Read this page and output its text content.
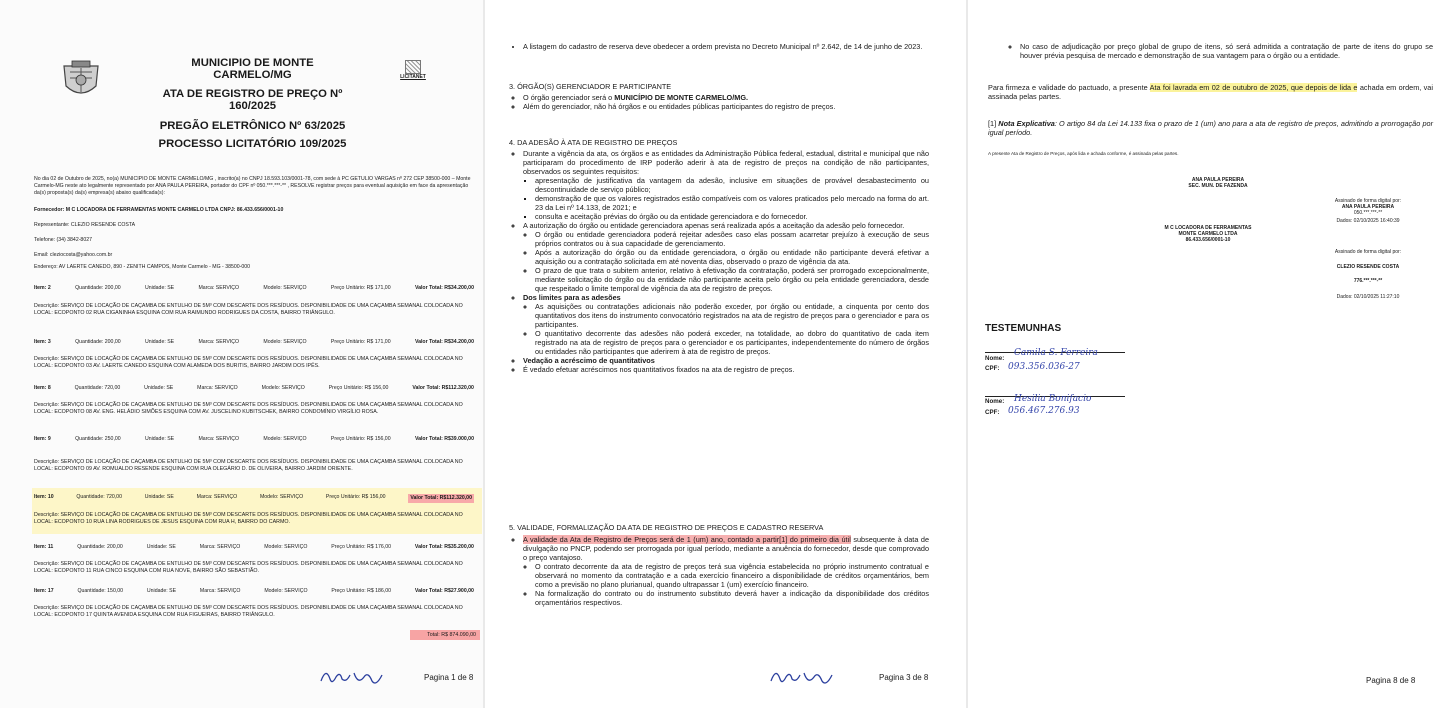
LICITANET
MUNICIPIO DE MONTE
CARMELO/MG
ATA DE REGISTRO DE PREÇO Nº
160/2025
PREGÃO ELETRÔNICO Nº 63/2025
PROCESSO LICITATÓRIO 109/2025
No dia 02 de Outubro de 2025, no(a) MUNICIPIO DE MONTE CARMELO/MG , inscrito(a) no CNPJ 18.593.103/0001-78, com sede à PC GETULIO VARGAS nº 272 CEP 38500-000 – Monte Carmelo-MG neste ato legalmente representado por ANA PAULA PEREIRA, portador do CPF nº 050.***.***-** , RESOLVE registrar preços para eventual aquisição em face da apresentação da(s) proposta(s) da(s) empresa(s) abaixo qualificada(s):
Fornecedor: M C LOCADORA DE FERRAMENTAS MONTE CARMELO LTDA CNPJ: 86.433.656/0001-10
Representante: CLEZIO RESENDE COSTA
Telefone: (34) 3842-8027
Email: cleziocosta@yahoo.com.br
Endereço: AV LAERTE CANEDO, 890 - ZENITH CAMPOS, Monte Carmelo - MG - 38500-000
Total: R$ 874.090,00
Pagina 1 de 8
Item: 2	Quantidade: 200,00	Unidade: SE	Marca: SERVIÇO	Modelo: SERVIÇO	Preço Unitário: R$ 171,00	Valor Total: R$34.200,00
Descrição: SERVIÇO DE LOCAÇÃO DE CAÇAMBA DE ENTULHO DE 5M³ COM DESCARTE DOS RESÍDUOS. DISPONIBILIDADE DE UMA CAÇAMBA SEMANAL COLOCADA NO LOCAL: ECOPONTO 02 RUA CIGANINHA ESQUINA COM RUA RAIMUNDO RODRIGUES DA COSTA, BAIRRO TRIÂNGULO.
Item: 3	Quantidade: 200,00	Unidade: SE	Marca: SERVIÇO	Modelo: SERVIÇO	Preço Unitário: R$ 171,00	Valor Total: R$34.200,00
Descrição: SERVIÇO DE LOCAÇÃO DE CAÇAMBA DE ENTULHO DE 5M³ COM DESCARTE DOS RESÍDUOS. DISPONIBILIDADE DE UMA CAÇAMBA SEMANAL COLOCADA NO LOCAL: ECOPONTO 03 AV. LAERTE CANEDO ESQUINA COM ALAMEDA DOS BURITIS, BAIRRO JARDIM DOS IPÊS.
Item: 8	Quantidade: 720,00	Unidade: SE	Marca: SERVIÇO	Modelo: SERVIÇO	Preço Unitário: R$ 156,00	Valor Total: R$112.320,00
Descrição: SERVIÇO DE LOCAÇÃO DE CAÇAMBA DE ENTULHO DE 5M³ COM DESCARTE DOS RESÍDUOS. DISPONIBILIDADE DE UMA CAÇAMBA SEMANAL COLOCADA NO LOCAL: ECOPONTO 08 AV. ENG. HELÁDIO SIMÕES ESQUINA COM AV. JUSCELINO KUBITSCHEK, BAIRRO CONDOMÍNIO VIRGÍLIO ROSA.
Item: 9	Quantidade: 250,00	Unidade: SE	Marca: SERVIÇO	Modelo: SERVIÇO	Preço Unitário: R$ 156,00	Valor Total: R$39.000,00
Descrição: SERVIÇO DE LOCAÇÃO DE CAÇAMBA DE ENTULHO DE 5M³ COM DESCARTE DOS RESÍDUOS. DISPONIBILIDADE DE UMA CAÇAMBA SEMANAL COLOCADA NO LOCAL: ECOPONTO 09 AV. ROMUALDO RESENDE ESQUINA COM RUA OLEGÁRIO D. DE OLIVEIRA, BAIRRO JARDIM ORIENTE.
Item: 10	Quantidade: 720,00	Unidade: SE	Marca: SERVIÇO	Modelo: SERVIÇO	Preço Unitário: R$ 156,00	Valor Total: R$112.320,00
Descrição: SERVIÇO DE LOCAÇÃO DE CAÇAMBA DE ENTULHO DE 5M³ COM DESCARTE DOS RESÍDUOS. DISPONIBILIDADE DE UMA CAÇAMBA SEMANAL COLOCADA NO LOCAL: ECOPONTO 10 RUA LINA RODRIGUES DE JESUS ESQUINA COM RUA H, BAIRRO DO CARMO.
Item: 11	Quantidade: 200,00	Unidade: SE	Marca: SERVIÇO	Modelo: SERVIÇO	Preço Unitário: R$ 176,00	Valor Total: R$35.200,00
Descrição: SERVIÇO DE LOCAÇÃO DE CAÇAMBA DE ENTULHO DE 5M³ COM DESCARTE DOS RESÍDUOS. DISPONIBILIDADE DE UMA CAÇAMBA SEMANAL COLOCADA NO LOCAL: ECOPONTO 11 RUA CINCO ESQUINA COM RUA NOVE, BAIRRO SÃO SEBASTIÃO.
Item: 17	Quantidade: 150,00	Unidade: SE	Marca: SERVIÇO	Modelo: SERVIÇO	Preço Unitário: R$ 186,00	Valor Total: R$27.900,00
Descrição: SERVIÇO DE LOCAÇÃO DE CAÇAMBA DE ENTULHO DE 5M³ COM DESCARTE DOS RESÍDUOS. DISPONIBILIDADE DE UMA CAÇAMBA SEMANAL COLOCADA NO LOCAL: ECOPONTO 17 QUINTA AVENIDA ESQUINA COM RUA FIGUEIRAS, BAIRRO TRIÂNGULO.
• A listagem do cadastro de reserva deve obedecer a ordem prevista no Decreto Municipal nº 2.642, de 14 de junho de 2023.
3. ÓRGÃO(S) GERENCIADOR E PARTICIPANTE
◦ O órgão gerenciador será o MUNICÍPIO DE MONTE CARMELO/MG.
◦ Além do gerenciador, não há órgãos e ou entidades públicas participantes do registro de preços.
4. DA ADESÃO À ATA DE REGISTRO DE PREÇOS
◦ Durante a vigência da ata, os órgãos e as entidades da Administração Pública federal, estadual, distrital e municipal que não participaram do procedimento de IRP poderão aderir à ata de registro de preços na condição de não participantes, observados os seguintes requisitos:
▪ apresentação de justificativa da vantagem da adesão, inclusive em situações de provável desabastecimento ou descontinuidade de serviço público;
▪ demonstração de que os valores registrados estão compatíveis com os valores praticados pelo mercado na forma do art. 23 da Lei nº 14.133, de 2021; e
▪ consulta e aceitação prévias do órgão ou da entidade gerenciadora e do fornecedor.
◦ A autorização do órgão ou entidade gerenciadora apenas será realizada após a aceitação da adesão pelo fornecedor.
◦ O órgão ou entidade gerenciadora poderá rejeitar adesões caso elas possam acarretar prejuízo à execução de seus próprios contratos ou à sua capacidade de gerenciamento.
◦ Após a autorização do órgão ou da entidade gerenciadora, o órgão ou entidade não participante deverá efetivar a aquisição ou a contratação solicitada em até noventa dias, observado o prazo de vigência da ata.
◦ O prazo de que trata o subitem anterior, relativo à efetivação da contratação, poderá ser prorrogado excepcionalmente, mediante solicitação do órgão ou da entidade não participante aceita pelo órgão ou pela entidade gerenciadora, desde que respeitado o limite temporal de vigência da ata de registro de preços.
◦ Dos limites para as adesões
◦ As aquisições ou contratações adicionais não poderão exceder, por órgão ou entidade, a cinquenta por cento dos quantitativos dos itens do instrumento convocatório registrados na ata de registro de preços para o gerenciador e para os participantes.
◦ O quantitativo decorrente das adesões não poderá exceder, na totalidade, ao dobro do quantitativo de cada item registrado na ata de registro de preços para o gerenciador e os participantes, independentemente do número de órgãos ou entidades não participantes que aderirem à ata de registro de preços.
◦ Vedação a acréscimo de quantitativos
◦ É vedado efetuar acréscimos nos quantitativos fixados na ata de registro de preços.
5. VALIDADE, FORMALIZAÇÃO DA ATA DE REGISTRO DE PREÇOS E CADASTRO RESERVA
◦ A validade da Ata de Registro de Preços será de 1 (um) ano, contado a partir[1] do primeiro dia útil subsequente à data de divulgação no PNCP, podendo ser prorrogada por igual período, mediante a anuência do fornecedor, desde que comprovado o preço vantajoso.
◦ O contrato decorrente da ata de registro de preços terá sua vigência estabelecida no próprio instrumento contratual e observará no momento da contratação e a cada exercício financeiro a disponibilidade de créditos orçamentários, bem como a previsão no plano plurianual, quando ultrapassar 1 (um) exercício financeiro.
◦ Na formalização do contrato ou do instrumento substituto deverá haver a indicação da disponibilidade dos créditos orçamentários respectivos.
Pagina 3 de 8
◦ No caso de adjudicação por preço global de grupo de itens, só será admitida a contratação de parte de itens do grupo se houver prévia pesquisa de mercado e demonstração de sua vantagem para o órgão ou a entidade.
Para firmeza e validade do pactuado, a presente Ata foi lavrada em 02 de outubro de 2025, que depois de lida e achada em ordem, vai assinada pelas partes.
[1] Nota Explicativa: O artigo 84 da Lei 14.133 fixa o prazo de 1 (um) ano para a ata de registro de preços, admitindo a prorrogação por igual período.
A presente Ata de Registro de Preços, após lida e achada conforme, é assinada pelas partes.
ANA PAULA PEREIRA
SEC. MUN. DE FAZENDA
Assinado de forma digital por:
ANA PAULA PEREIRA
050.***.***-**
Dados: 02/10/2025 16:40:39
M C LOCADORA DE FERRAMENTAS
MONTE CARMELO LTDA
86.433.656/0001-10
Assinado de forma digital por:
CLEZIO RESENDE COSTA
776.***.***-**
Dados: 02/10/2025 11:27:10
TESTEMUNHAS
Nome:
Camila S. Ferreira
CPF: 093.356.036-27
Nome: Hesilia Bonifacio
CPF: 056.467.276.93
Pagina 8 de 8
